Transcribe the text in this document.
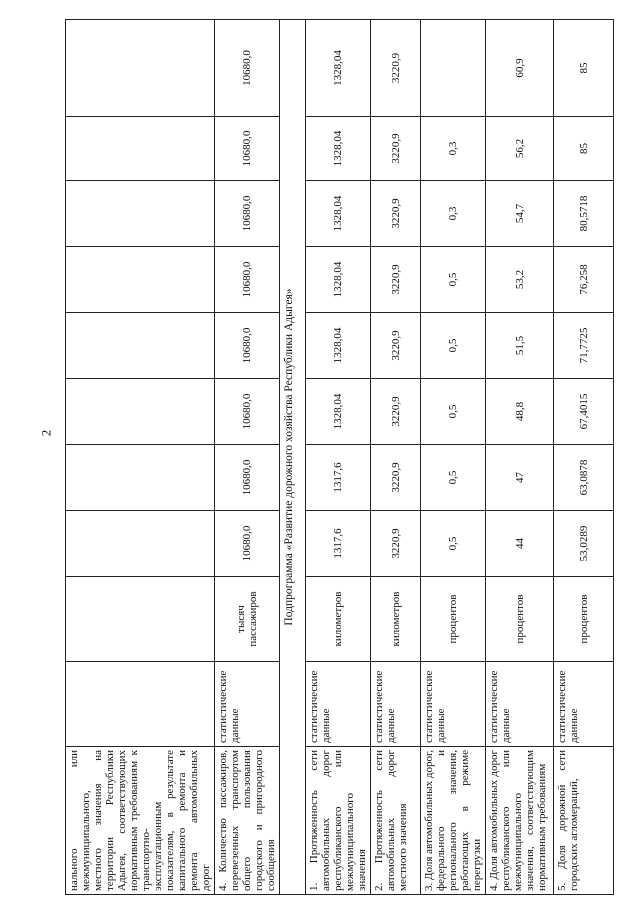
2
нального или межмуниципального, местного значения на территории Республики Адыгея, соответствующих нормативным требованиям к транспортно-эксплуатационным показателям, в результате капитального ремонта и ремонта автомобильных дорог										
4. Количество пассажиров, перевезенных транспортом общего пользования городского и пригородного сообщения	статистические данные	тысяч пассажиров	10680,0	10680,0	10680,0	10680,0	10680,0	10680,0	10680,0	10680,0
Подпрограмма «Развитие дорожного хозяйства Республики Адыгея»										
1. Протяженность сети автомобильных дорог республиканского или межмуниципального значения	статистические данные	километров	1317,6	1317,6	1328,04	1328,04	1328,04	1328,04	1328,04	1328,04
2. Протяженность сети автомобильных дорог местного значения	статистические данные	километров	3220,9	3220,9	3220,9	3220,9	3220,9	3220,9	3220,9	3220,9
3. Доля автомобильных дорог, федерального и регионального значения, работающих в режиме перегрузки	статистические данные	процентов	0,5	0,5	0,5	0,5	0,5	0,3	0,3	
4. Доля автомобильных дорог республиканского или межмуниципального значения, соответствующим нормативным требованиям	статистические данные	процентов	44	47	48,8	51,5	53,2	54,7	56,2	60,9
5. Доля дорожной сети городских агломераций,	статистические данные	процентов	53,0289	63,0878	67,4015	71,7725	76,258	80,5718	85	85
